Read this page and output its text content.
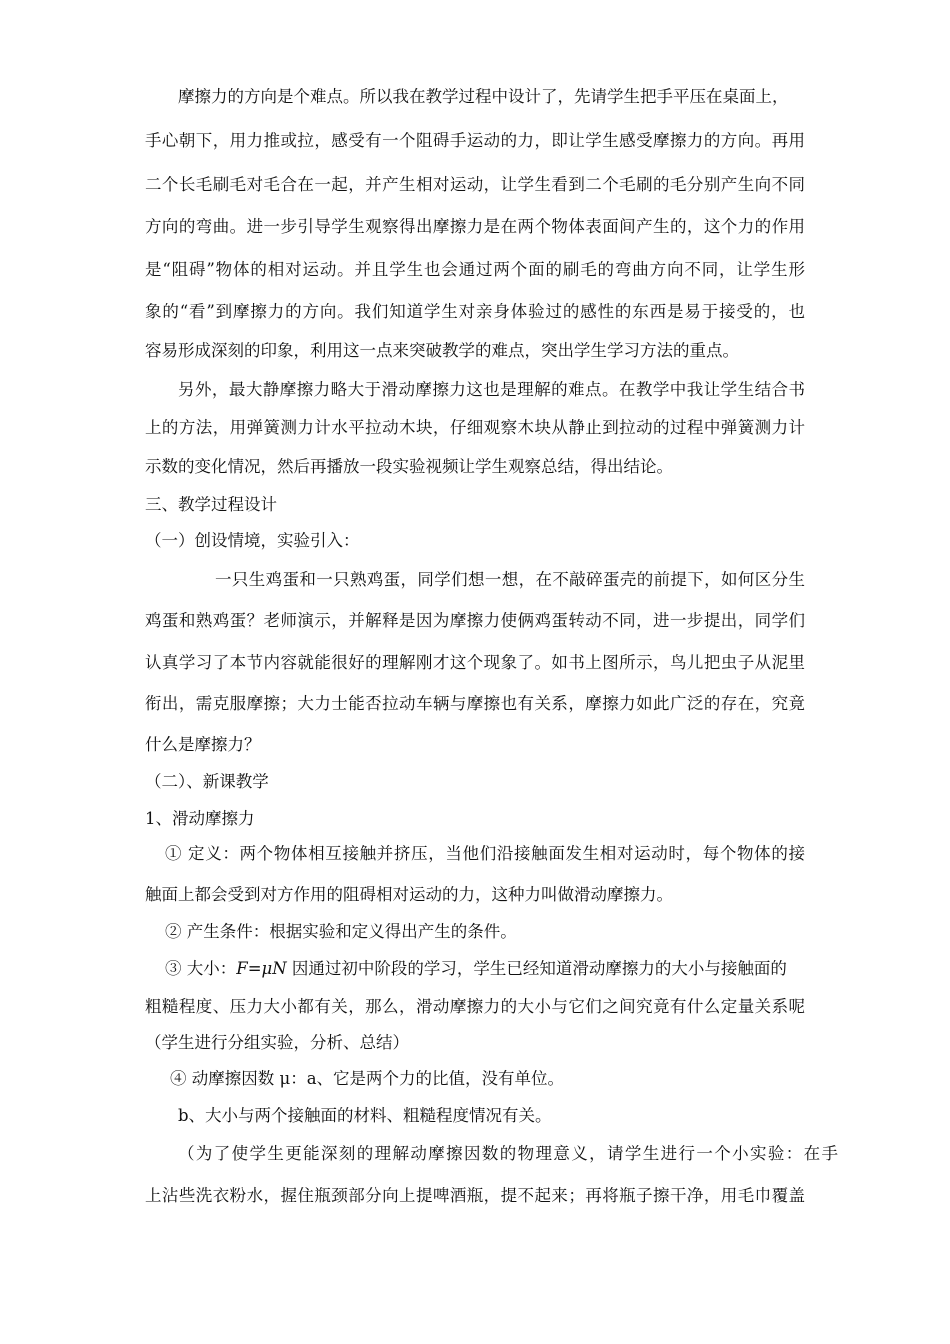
摩擦力的方向是个难点。所以我在教学过程中设计了，先请学生把手平压在桌面上，
手心朝下，用力推或拉，感受有一个阻碍手运动的力，即让学生感受摩擦力的方向。再用
二个长毛刷毛对毛合在一起，并产生相对运动，让学生看到二个毛刷的毛分别产生向不同
方向的弯曲。进一步引导学生观察得出摩擦力是在两个物体表面间产生的，这个力的作用
是“阻碍”物体的相对运动。并且学生也会通过两个面的刷毛的弯曲方向不同，让学生形
象的“看”到摩擦力的方向。我们知道学生对亲身体验过的感性的东西是易于接受的，也
容易形成深刻的印象，利用这一点来突破教学的难点，突出学生学习方法的重点。
另外，最大静摩擦力略大于滑动摩擦力这也是理解的难点。在教学中我让学生结合书
上的方法，用弹簧测力计水平拉动木块，仔细观察木块从静止到拉动的过程中弹簧测力计
示数的变化情况，然后再播放一段实验视频让学生观察总结，得出结论。
三、教学过程设计
（一）创设情境，实验引入：
一只生鸡蛋和一只熟鸡蛋，同学们想一想，在不敲碎蛋壳的前提下，如何区分生
鸡蛋和熟鸡蛋？老师演示，并解释是因为摩擦力使俩鸡蛋转动不同，进一步提出，同学们
认真学习了本节内容就能很好的理解刚才这个现象了。如书上图所示，鸟儿把虫子从泥里
衔出，需克服摩擦；大力士能否拉动车辆与摩擦也有关系，摩擦力如此广泛的存在，究竟
什么是摩擦力？
（二）、新课教学
1、滑动摩擦力
① 定义：两个物体相互接触并挤压，当他们沿接触面发生相对运动时，每个物体的接
触面上都会受到对方作用的阻碍相对运动的力，这种力叫做滑动摩擦力。
② 产生条件：根据实验和定义得出产生的条件。
③ 大小：F=μN 因通过初中阶段的学习，学生已经知道滑动摩擦力的大小与接触面的
粗糙程度、压力大小都有关，那么，滑动摩擦力的大小与它们之间究竟有什么定量关系呢
（学生进行分组实验，分析、总结）
④ 动摩擦因数 μ：a、它是两个力的比值，没有单位。
b、大小与两个接触面的材料、粗糙程度情况有关。
（为了使学生更能深刻的理解动摩擦因数的物理意义，请学生进行一个小实验：在手
上沾些洗衣粉水，握住瓶颈部分向上提啤酒瓶，提不起来；再将瓶子擦干净，用毛巾覆盖
